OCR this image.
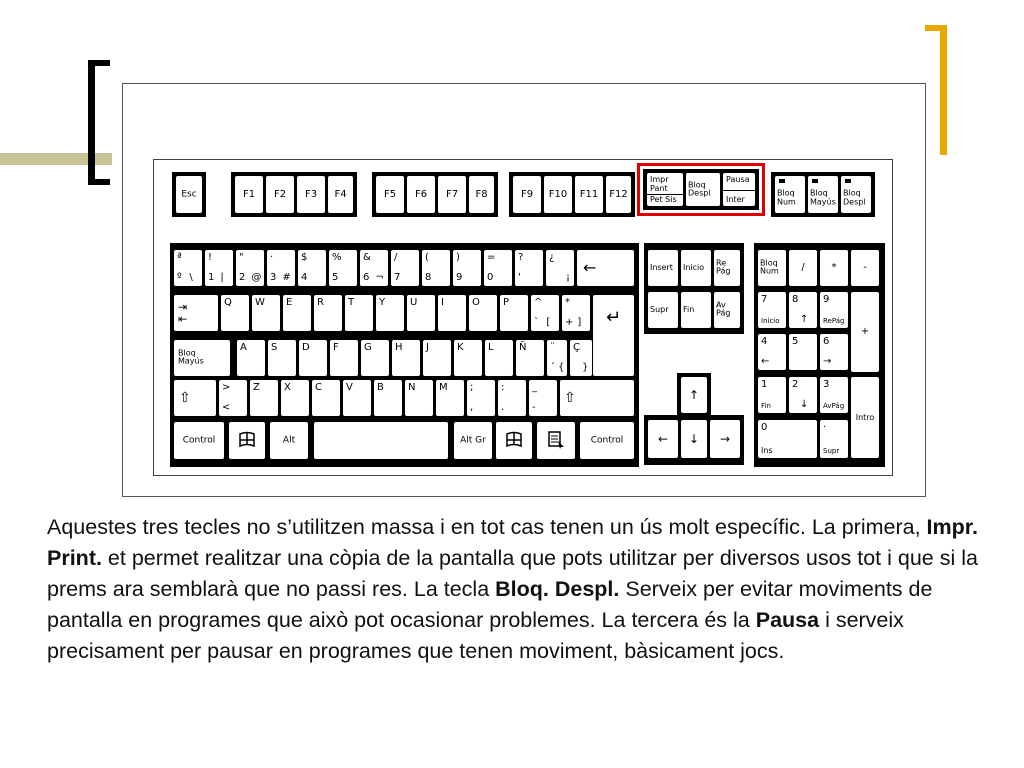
Esc	F1	F2	F3	F4	F5	F6	F7	F8	F9	F10	F11	F12
Impr
Pant
Pet Sis
Bloq
Despl
Pausa
Inter
Bloq
Num
Bloq
Mayús
Bloq
Despl
ª
º \
!
1 |
"
2 @
·
3 #
$
4
%
5
&
6 ¬
/
7
(
8
)
9
=
0
?
'
¿
¡
←
⇥
⇤
Q W E R T Y U I	O P ^
` [
*
+ ]	↵
Bloq
Mayús
A S D F	G H J	K L	Ñ ¨
´ {
Ç
}
⇧
>
<
Z X C V B N M ;
,
:
.
_
-
⇧
Control	Alt	Alt Gr	Control
Insert Inicio Re
Pág
Supr Fin	Av
Pág
↑
←	↓	→
Bloq
Num	/	*	-
7
Inicio
8
↑
9
RePág
+
4
←
5 6
→
1
Fin
2
↓
3
AvPág
Intro
0
Ins
·
Supr
Aquestes tres tecles no s’utilitzen massa i en tot cas tenen un ús molt específic. La primera, Impr. Print. et permet realitzar una còpia de la pantalla que pots utilitzar per diversos usos tot i que si la prems ara semblarà que no passi res. La tecla Bloq. Despl. Serveix per evitar moviments de pantalla en programes que això pot ocasionar problemes. La tercera és la Pausa i serveix precisament per pausar en programes que tenen moviment, bàsicament jocs.
